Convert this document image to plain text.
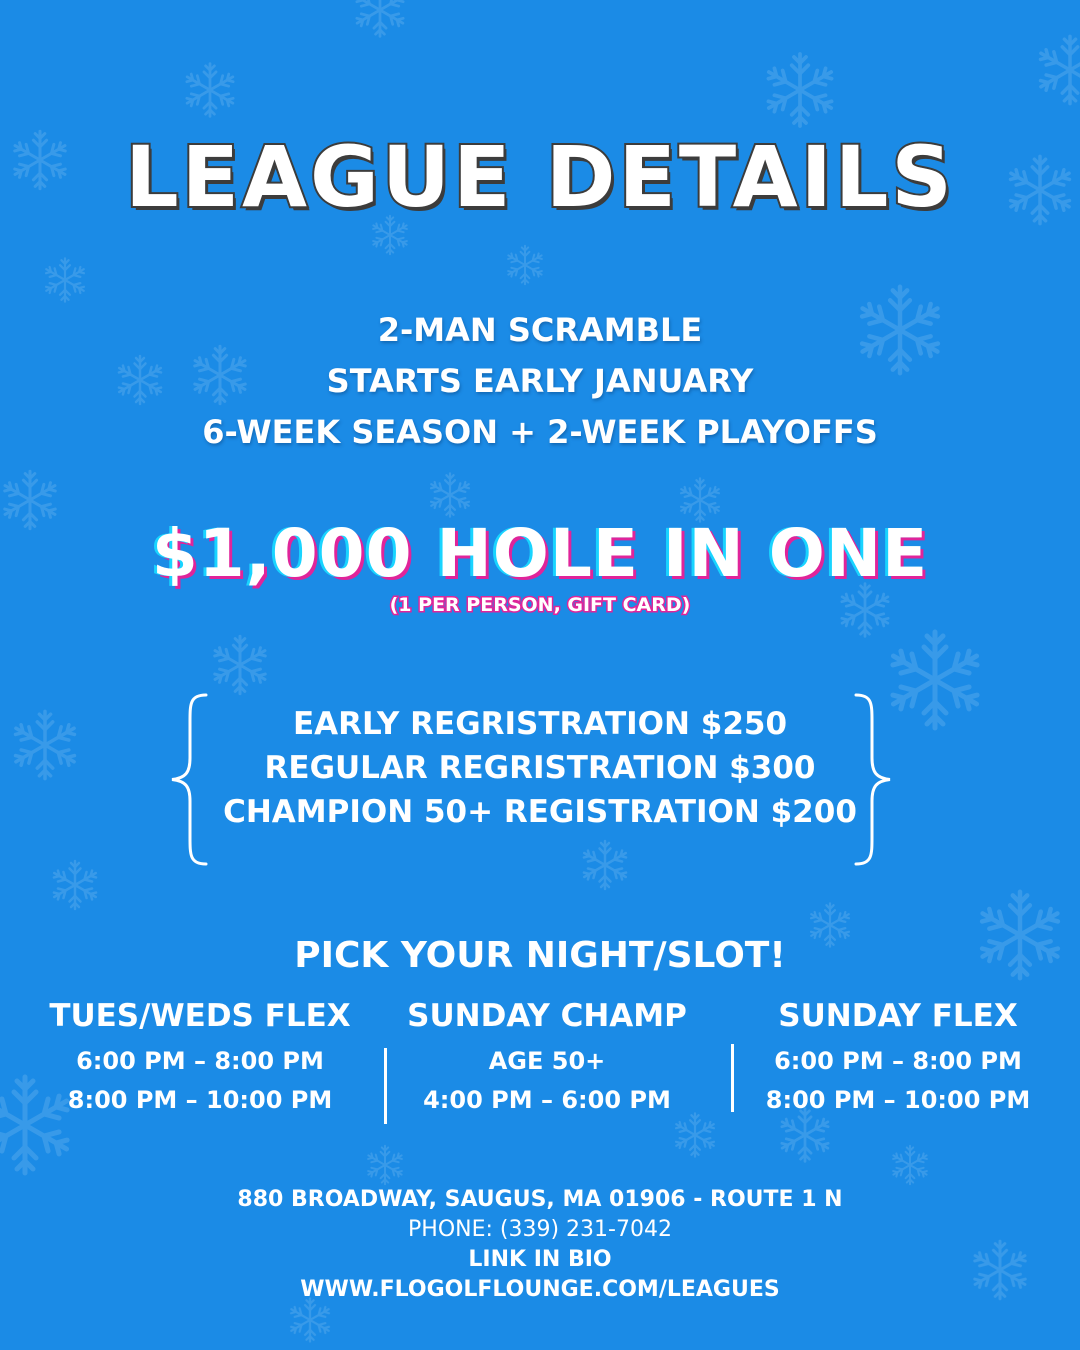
LEAGUE DETAILS
2-MAN SCRAMBLE
STARTS EARLY JANUARY
6-WEEK SEASON + 2-WEEK PLAYOFFS
$1,000 HOLE IN ONE
(1 PER PERSON, GIFT CARD)
EARLY REGRISTRATION $250
REGULAR REGRISTRATION $300
CHAMPION 50+ REGISTRATION $200
PICK YOUR NIGHT/SLOT!
TUES/WEDS FLEX
6:00 PM – 8:00 PM
8:00 PM – 10:00 PM
SUNDAY CHAMP
AGE 50+
4:00 PM – 6:00 PM
SUNDAY FLEX
6:00 PM – 8:00 PM
8:00 PM – 10:00 PM
880 BROADWAY, SAUGUS, MA 01906 - ROUTE 1 N
PHONE: (339) 231-7042
LINK IN BIO
WWW.FLOGOLFLOUNGE.COM/LEAGUES
